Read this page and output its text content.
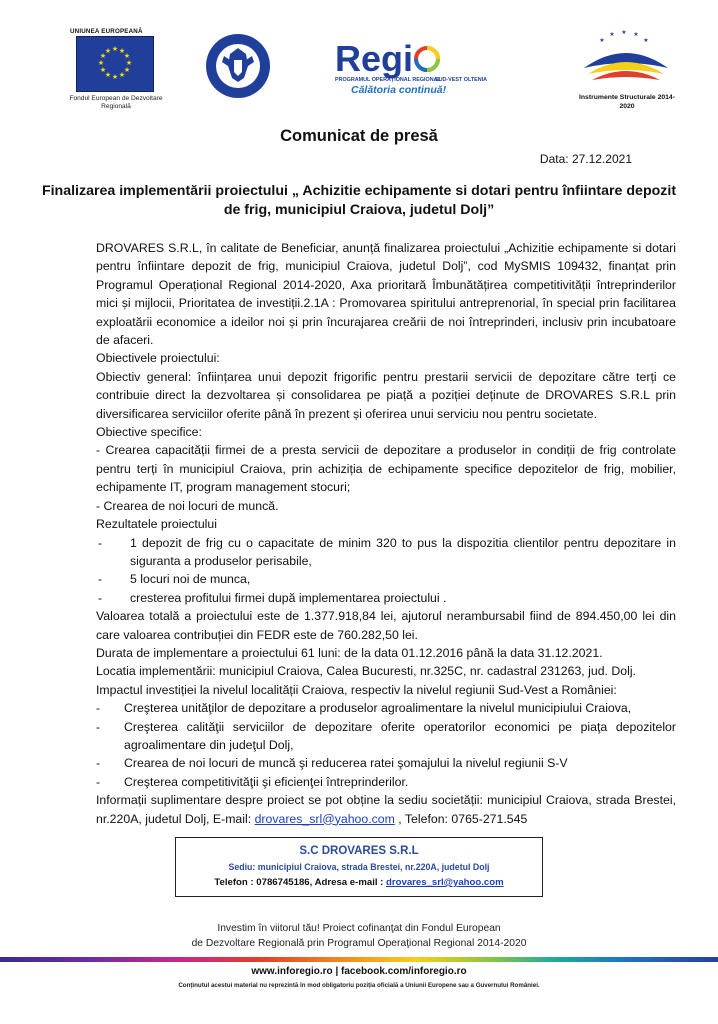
UNIUNEA EUROPEANĂ
★ ★
★
★
★
★
★
★
★
★
★
★
Fondul European de Dezvoltare Regională
Regi
PROGRAMUL OPERAȚIONAL REGIONAL
SUD-VEST OLTENIA
Călătoria continuă!
★
★ ★ ★
★
Instrumente Structurale 2014-2020
Comunicat de presă
Data: 27.12.2021
Finalizarea implementării proiectului „ Achizitie echipamente si dotari pentru înfiintare depozit de frig, municipiul Craiova, judetul Dolj”

DROVARES S.R.L, în calitate de Beneficiar, anunță finalizarea proiectului „Achizitie echipamente si dotari pentru înfiintare depozit de frig, municipiul Craiova, judetul Dolj”, cod MySMIS 109432, finanțat prin Programul Operațional Regional 2014-2020, Axa prioritară Îmbunătățirea competitivității întreprinderilor mici și mijlocii, Prioritatea de investiții.2.1A : Promovarea spiritului antreprenorial, în special prin facilitarea exploatării economice a ideilor noi și prin încurajarea creării de noi întreprinderi, inclusiv prin incubatoare de afaceri.

Obiectivele proiectului:

Obiectiv general: înființarea unui depozit frigorific pentru prestarii servicii de depozitare către terți ce contribuie direct la dezvoltarea și consolidarea pe piață a poziției deținute de DROVARES S.R.L prin diversificarea serviciilor oferite până în prezent și oferirea unui serviciu nou pentru societate.

Obiective specifice:

- Crearea capacității firmei de a presta servicii de depozitare a produselor in condiții de frig controlate pentru terți în municipiul Craiova, prin achiziția de echipamente specifice depozitelor de frig, mobilier, echipamente IT, program management stocuri;

- Crearea de noi locuri de muncă.

Rezultatele proiectului

-	1 depozit de frig cu o capacitate de minim 320 to pus la dispozitia clientilor pentru depozitare in siguranta a produselor perisabile,
-	5 locuri noi de munca,
-	cresterea profitului firmei după implementarea proiectului .

Valoarea totală a proiectului este de 1.377.918,84 lei, ajutorul nerambursabil fiind de 894.450,00 lei din care valoarea contribuției din FEDR este de 760.282,50 lei.

Durata de implementare a proiectului 61 luni: de la data 01.12.2016 până la data 31.12.2021.

Locatia implementării: municipiul Craiova, Calea Bucuresti, nr.325C, nr. cadastral 231263, jud. Dolj.

Impactul investiției la nivelul localității Craiova, respectiv la nivelul regiunii Sud-Vest a României:

- Creşterea unităţilor de depozitare a produselor agroalimentare la nivelul municipiului Craiova,
- Creşterea calităţii serviciilor de depozitare oferite operatorilor economici pe piaţa depozitelor agroalimentare din judeţul Dolj,
- Crearea de noi locuri de muncă şi reducerea ratei şomajului la nivelul regiunii S-V
- Creşterea competitivităţii şi eficienţei întreprinderilor.

Informații suplimentare despre proiect se pot obține la sediu societății: municipiul Craiova, strada Brestei, nr.220A, judetul Dolj, E-mail: drovares_srl@yahoo.com , Telefon: 0765-271.545

S.C DROVARES S.R.L
Sediu: municipiul Craiova, strada Brestei, nr.220A, judetul Dolj
Telefon : 0786745186, Adresa e-mail : drovares_srl@yahoo.com
Investim în viitorul tău! Proiect cofinanţat din Fondul European
de Dezvoltare Regională prin Programul Operaţional Regional 2014-2020
www.inforegio.ro | facebook.com/inforegio.ro
Conținutul acestui material nu reprezintă în mod obligatoriu poziția oficială a Uniunii Europene sau a Guvernului României.
